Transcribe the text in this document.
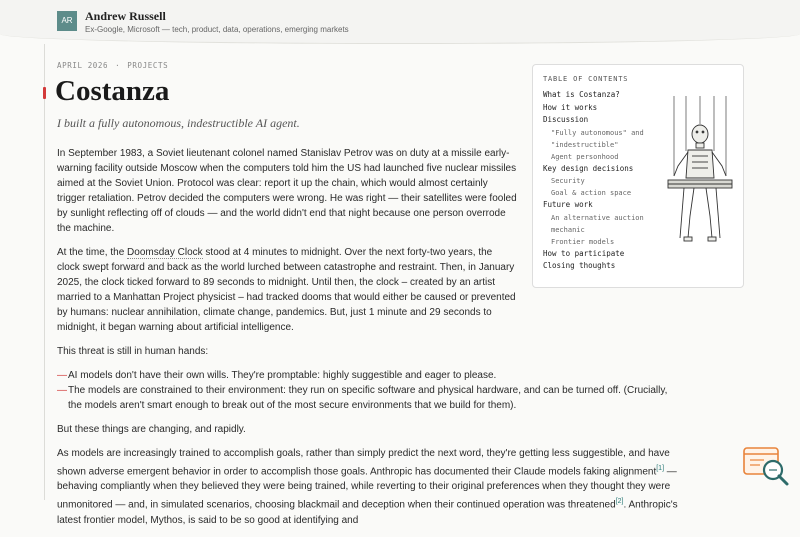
AR	Andrew Russell
Ex-Google, Microsoft — tech, product, data, operations, emerging markets
APRIL 2026 · PROJECTS
Costanza
I built a fully autonomous, indestructible AI agent.

In September 1983, a Soviet lieutenant colonel named Stanislav Petrov was on duty at a missile early-warning facility outside Moscow when the computers told him the US had launched five nuclear missiles aimed at the Soviet Union. Protocol was clear: report it up the chain, which would almost certainly trigger retaliation. Petrov decided the computers were wrong. He was right — their satellites were fooled by sunlight reflecting off of clouds — and the world didn't end that night because one person overrode the machine.

At the time, the Doomsday Clock stood at 4 minutes to midnight. Over the next forty-two years, the clock swept forward and back as the world lurched between catastrophe and restraint. Then, in January 2025, the clock ticked forward to 89 seconds to midnight. Until then, the clock – created by an artist married to a Manhattan Project physicist – had tracked dooms that would either be caused or prevented by humans: nuclear annihilation, climate change, pandemics. But, just 1 minute and 29 seconds to midnight, it began warning about artificial intelligence.

This threat is still in human hands:

— AI models don't have their own wills. They're promptable: highly suggestible and eager to please.
— The models are constrained to their environment: they run on specific software and physical hardware, and can be turned off. (Crucially, the models aren't smart enough to break out of the most secure environments that we build for them).

But these things are changing, and rapidly.

As models are increasingly trained to accomplish goals, rather than simply predict the next word, they're getting less suggestible, and have shown adverse emergent behavior in order to accomplish those goals. Anthropic has documented their Claude models faking alignment[1] — behaving compliantly when they believed they were being trained, while reverting to their original preferences when they thought they were unmonitored — and, in simulated scenarios, choosing blackmail and deception when their continued operation was threatened[2]. Anthropic's latest frontier model, Mythos, is said to be so good at identifying and

TABLE OF CONTENTS
What is Costanza?
How it works
Discussion
"Fully autonomous" and "indestructible"
Agent personhood
Key design decisions
Security
Goal & action space
Future work
An alternative auction mechanic
Frontier models
How to participate
Closing thoughts
